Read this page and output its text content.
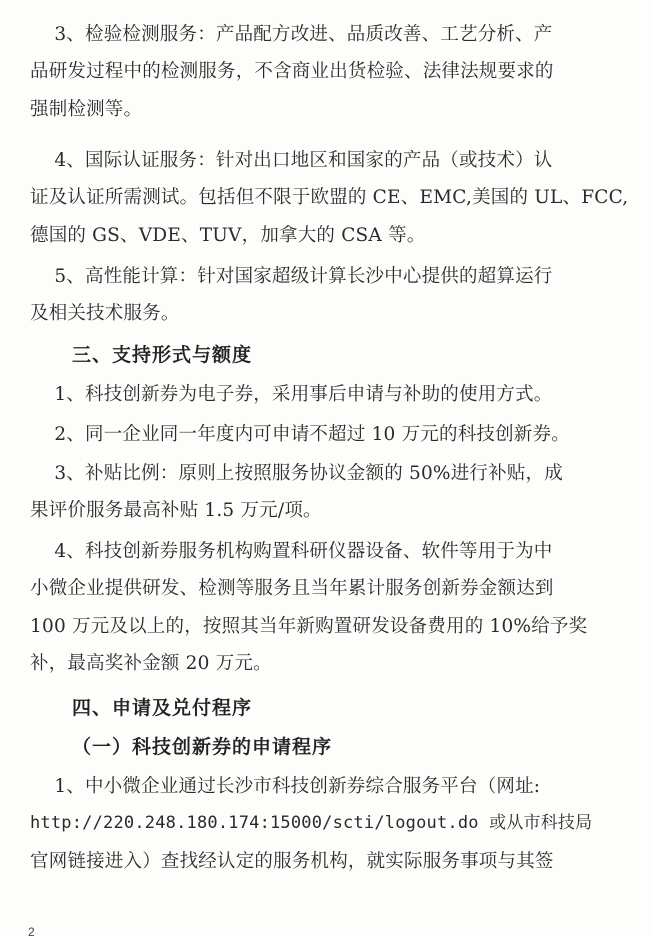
3、检验检测服务：产品配方改进、品质改善、工艺分析、产
品研发过程中的检测服务，不含商业出货检验、法律法规要求的
强制检测等。

4、国际认证服务：针对出口地区和国家的产品（或技术）认
证及认证所需测试。包括但不限于欧盟的 CE、EMC,美国的 UL、FCC,
德国的 GS、VDE、TUV，加拿大的 CSA 等。

5、高性能计算：针对国家超级计算长沙中心提供的超算运行
及相关技术服务。

三、支持形式与额度

1、科技创新券为电子券，采用事后申请与补助的使用方式。

2、同一企业同一年度内可申请不超过 10 万元的科技创新券。

3、补贴比例：原则上按照服务协议金额的 50%进行补贴，成
果评价服务最高补贴 1.5 万元/项。

4、科技创新券服务机构购置科研仪器设备、软件等用于为中
小微企业提供研发、检测等服务且当年累计服务创新券金额达到
100 万元及以上的，按照其当年新购置研发设备费用的 10%给予奖
补，最高奖补金额 20 万元。

四、申请及兑付程序
（一）科技创新券的申请程序

1、中小微企业通过长沙市科技创新券综合服务平台（网址:
http://220.248.180.174:15000/scti/logout.do 或从市科技局
官网链接进入）查找经认定的服务机构，就实际服务事项与其签

2
